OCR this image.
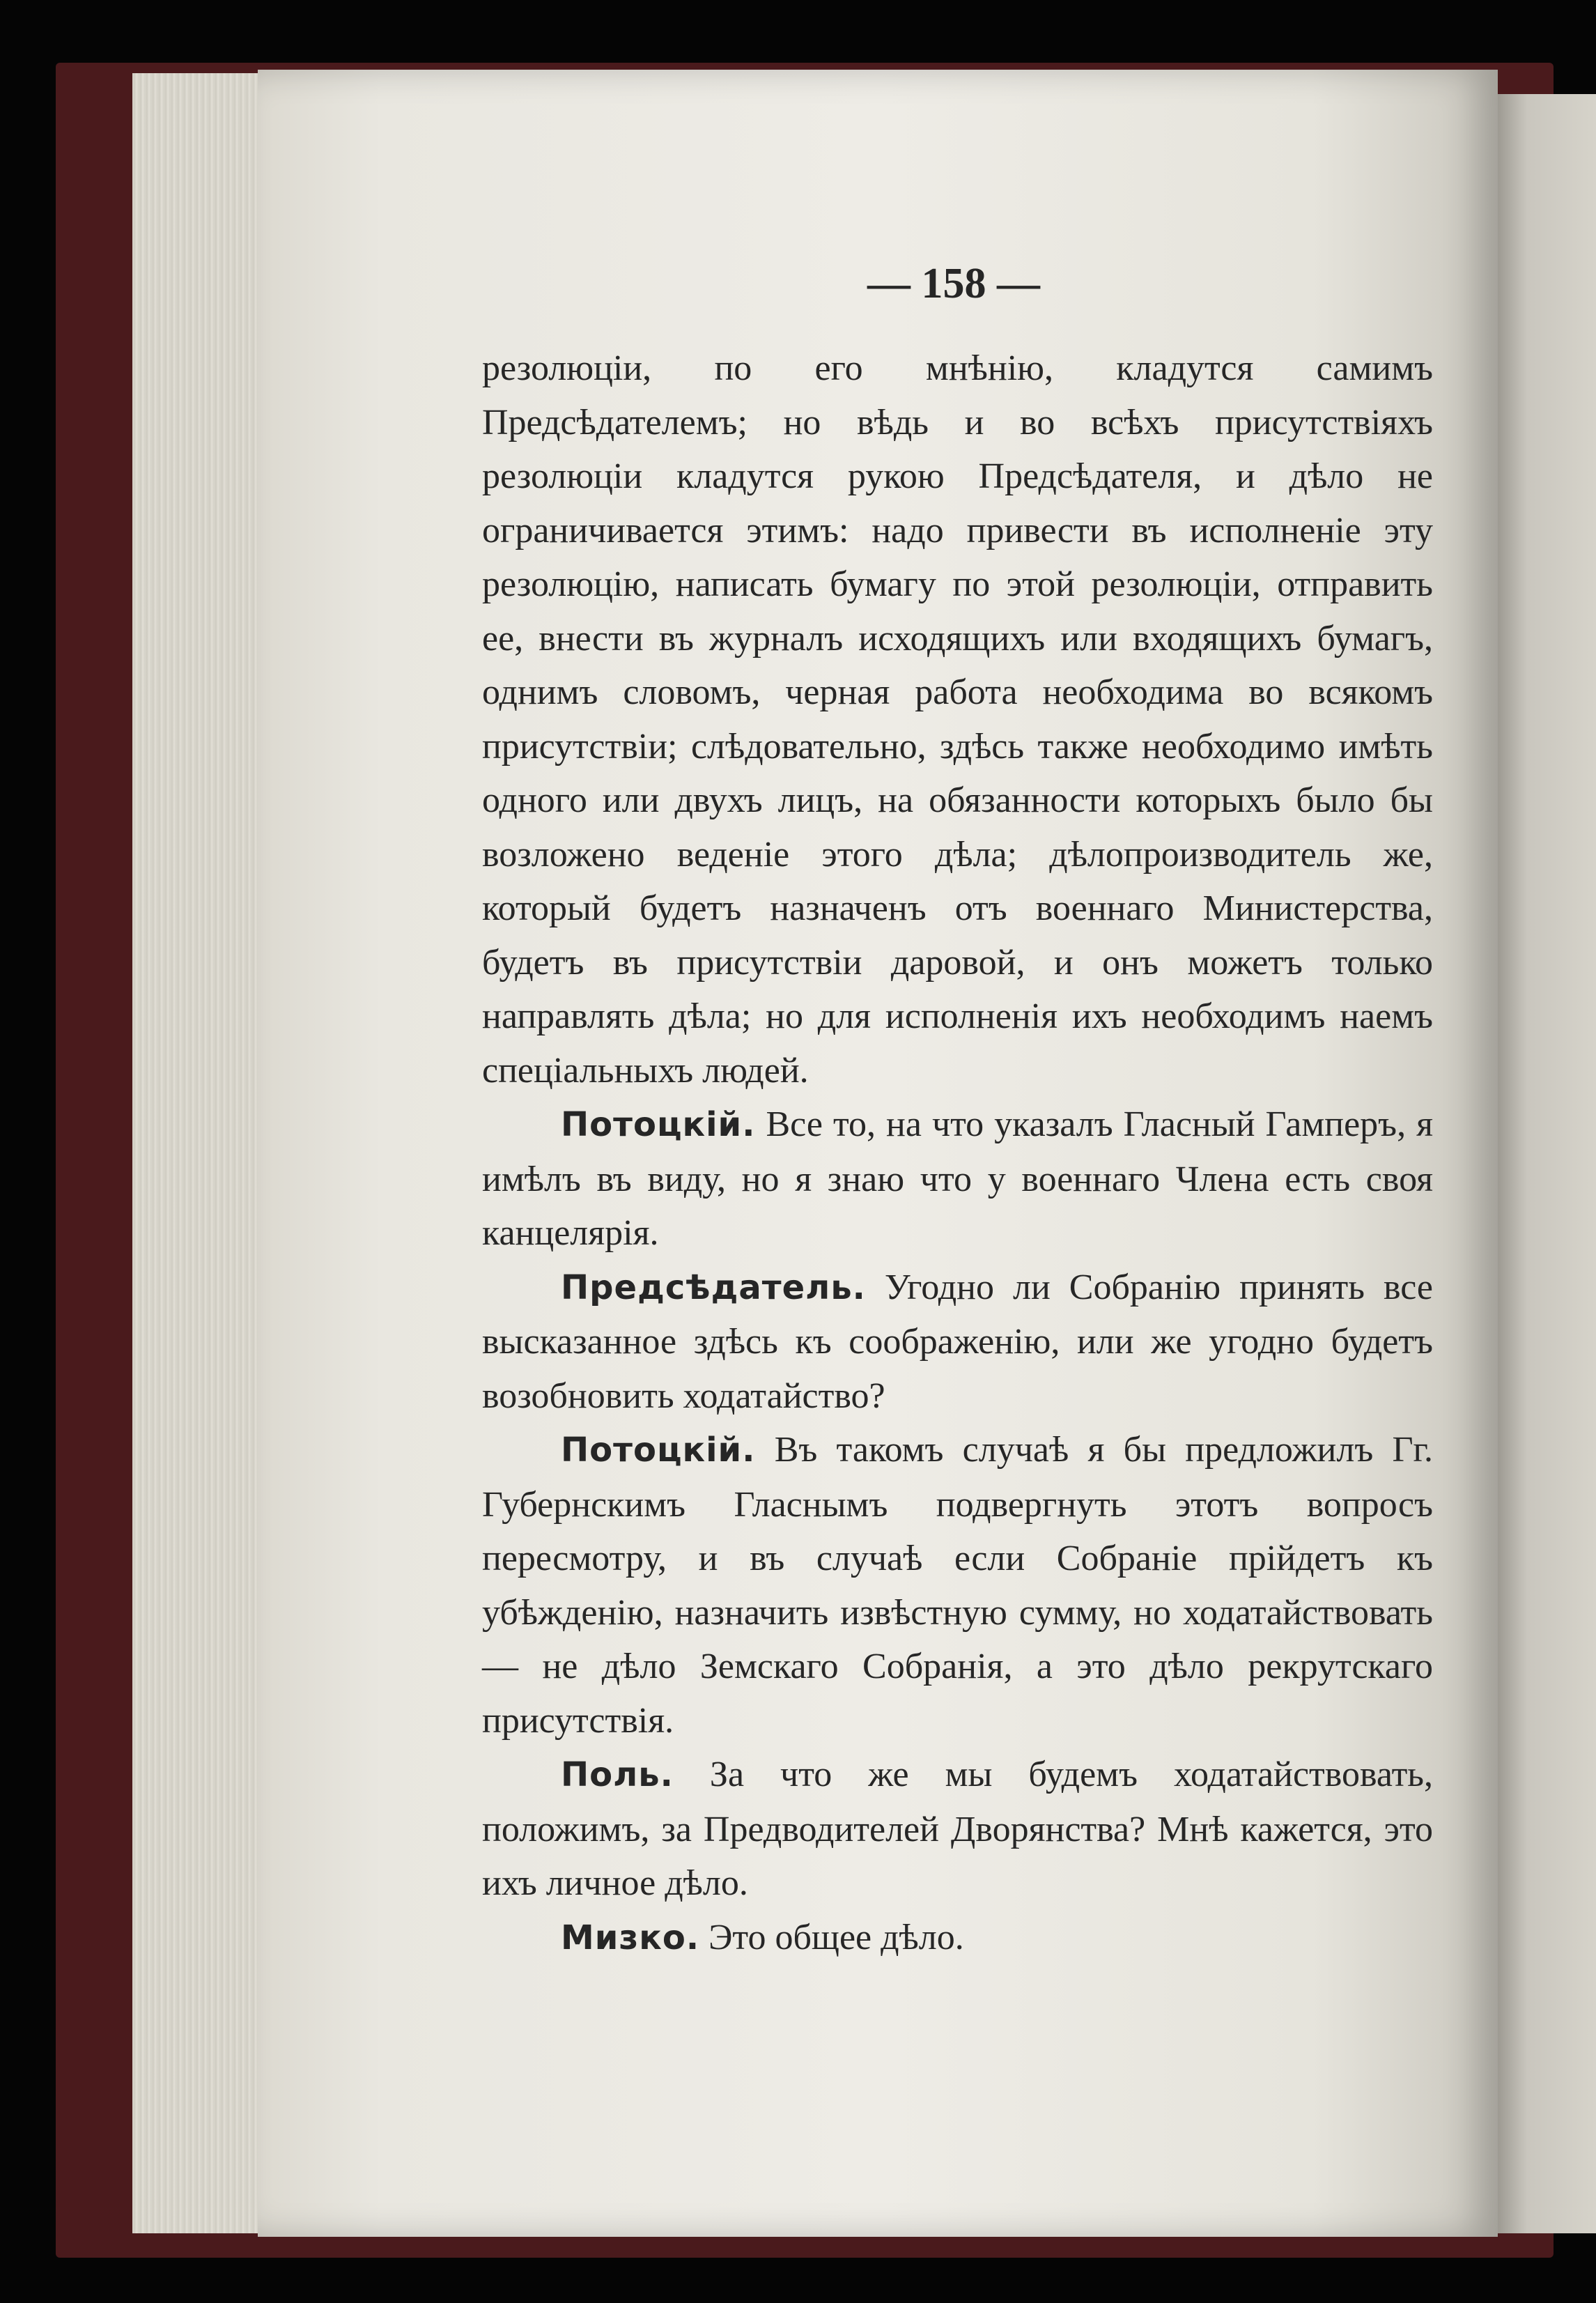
— 158 —

резолюціи, по его мнѣнію, кладутся самимъ Предсѣдателемъ; но вѣдь и во всѣхъ присутствіяхъ резолюціи кладутся рукою Предсѣдателя, и дѣло не ограничивается этимъ: надо привести въ исполненіе эту резолюцію, написать бумагу по этой резолюціи, отправить ее, внести въ журналъ исходящихъ или входящихъ бумагъ, однимъ словомъ, черная работа необходима во всякомъ присутствіи; слѣдовательно, здѣсь также необходимо имѣть одного или двухъ лицъ, на обязанности которыхъ было бы возложено веденіе этого дѣла; дѣлопроизводитель же, который будетъ назначенъ отъ военнаго Министерства, будетъ въ присутствіи даровой, и онъ можетъ только направлять дѣла; но для исполненія ихъ необходимъ наемъ спеціальныхъ людей.

Потоцкій. Все то, на что указалъ Гласный Гамперъ, я имѣлъ въ виду, но я знаю что у военнаго Члена есть своя канцелярія.

Предсѣдатель. Угодно ли Собранію принять все высказанное здѣсь къ соображенію, или же угодно будетъ возобновить ходатайство?

Потоцкій. Въ такомъ случаѣ я бы предложилъ Гг. Губернскимъ Гласнымъ подвергнуть этотъ вопросъ пересмотру, и въ случаѣ если Собраніе прійдетъ къ убѣжденію, назначить извѣстную сумму, но ходатайствовать — не дѣло Земскаго Собранія, а это дѣло рекрутскаго присутствія.

Поль. За что же мы будемъ ходатайствовать, положимъ, за Предводителей Дворянства? Мнѣ кажется, это ихъ личное дѣло.

Мизко. Это общее дѣло.
